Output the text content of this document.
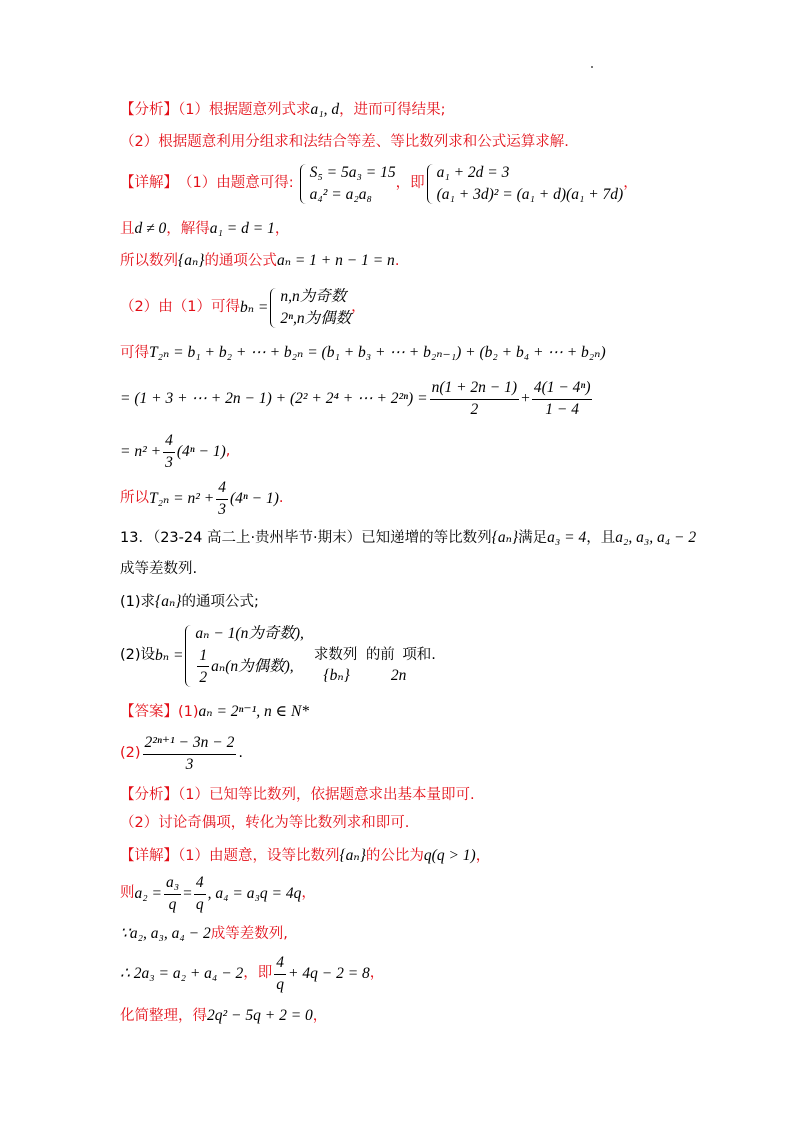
【分析】（1）根据题意列式求a₁, d，进而可得结果;
（2）根据题意利用分组求和法结合等差、等比数列求和公式运算求解.
【详解】 （1）由题意可得:
S₅ = 5a₃ = 15
a₄² = a₂a₈
，即
a₁ + 2d = 3
(a₁ + 3d)² = (a₁ + d)(a₁ + 7d)
，
且d ≠ 0，解得a₁ = d = 1，
所以数列{aₙ}的通项公式aₙ = 1 + n − 1 = n.
（2）由（1）可得 bₙ =
n,n为奇数
2ⁿ,n为偶数
，
可得T₂ₙ = b₁ + b₂ + ⋯ + b₂ₙ = (b₁ + b₃ + ⋯ + b₂ₙ₋₁) + (b₂ + b₄ + ⋯ + b₂ₙ)
= (1 + 3 + ⋯ + 2n − 1) + (2² + 2⁴ + ⋯ + $2^{2n}) = \frac{n(1 + 2n - 1)}{2} + \frac{\text{4(1 − 4ⁿ)}}{1 - 4}$
= $n^2 + \frac{4}{3} (4^n - 1)$ ,
所以 $T_{2n} = n^2 + \frac{4}{3} (4^n - 1)$ .
13．（23-24 高二上·贵州毕节·期末）已知递增的等比数列{aₙ}满足a₃ = 4，且a₂, a₃, a₄ − 2
成等差数列.
(1)求{aₙ}的通项公式;
(2)设 bₙ =
aₙ − 1(n为奇数),
$\frac{1}{2} a_n(n$为偶数),
求数列
{bₙ}
的前
2n
项和.
【答案】(1)aₙ = 2ⁿ⁻¹, n ∈ N*
$(2) \frac{\text{2²ⁿ⁺¹ − 3n − 2}}{3}$ .
【分析】（1）已知等比数列，依据题意求出基本量即可.
（2）讨论奇偶项，转化为等比数列求和即可.
【详解】（1）由题意，设等比数列{aₙ}的公比为q(q > 1)，
则 $a_2 = \frac{\text{a₃}}{q} = \frac{4}{q}$ , a₄ = a₃q = 4q ，
∵a₂, a₃, a₄ − 2成等差数列,
∴ 2a₃ = a₂ + a₄ − 2 ，即 $\frac{4}{q} + 4q - 2 = 8$ ，
化简整理，得2q² − 5q + 2 = 0，
